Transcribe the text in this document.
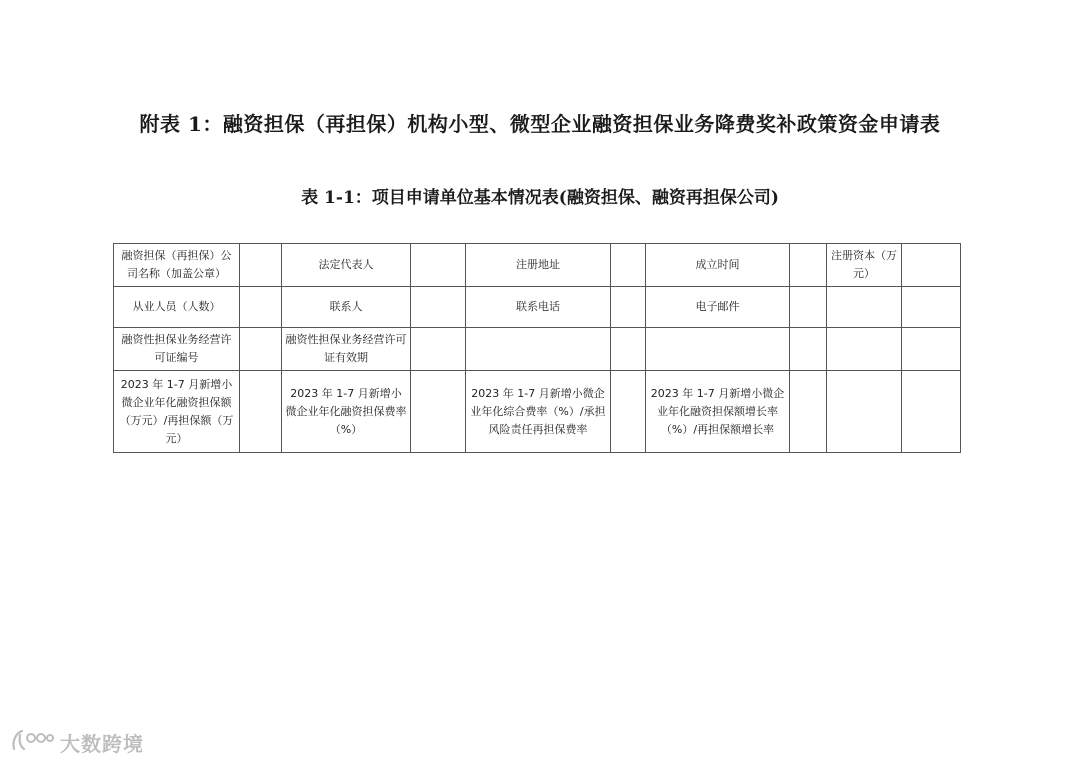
附表 1：融资担保（再担保）机构小型、微型企业融资担保业务降费奖补政策资金申请表
表 1-1：项目申请单位基本情况表(融资担保、融资再担保公司)
融资担保（再担保）公司名称（加盖公章）		法定代表人		注册地址		成立时间		注册资本（万元）	
从业人员（人数）		联系人		联系电话		电子邮件			
融资性担保业务经营许可证编号		融资性担保业务经营许可证有效期							
2023 年 1-7 月新增小微企业年化融资担保额（万元）/再担保额（万元）		2023 年 1-7 月新增小微企业年化融资担保费率（%）		2023 年 1-7 月新增小微企业年化综合费率（%）/承担风险责任再担保费率		2023 年 1-7 月新增小微企业年化融资担保额增长率（%）/再担保额增长率			
大数跨境
